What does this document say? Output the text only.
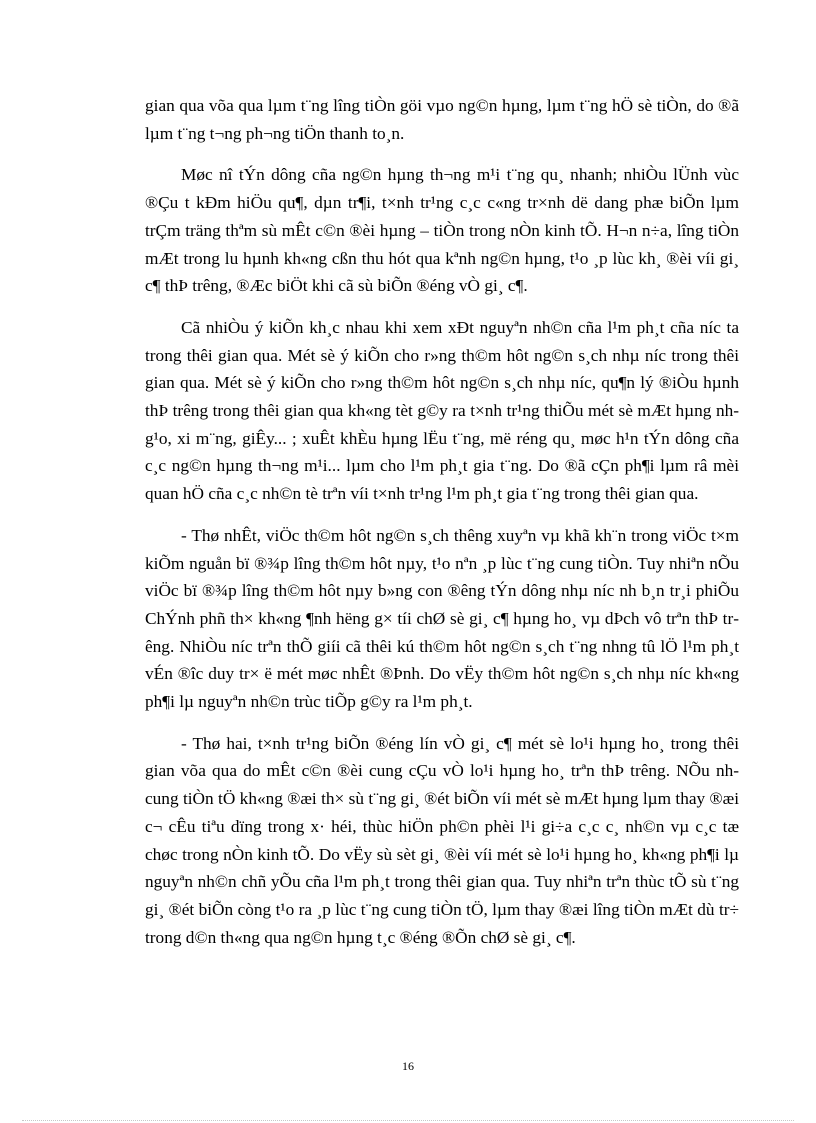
gian qua võa qua lµm t¨ng lîng tiÒn göi vµo ng©n hµng, lµm t¨ng hÖ sè tiÒn, do ®ã lµm t¨ng t¬ng ph¬ng tiÖn thanh to¸n.

Møc nî tÝn dông cña ng©n hµng th¬ng m¹i t¨ng qu¸ nhanh; nhiÒu lÜnh vùc ®Çu t kÐm hiÖu qu¶, dµn tr¶i, t×nh tr¹ng c¸c c«ng tr×nh dë dang phæ biÕn lµm trÇm träng thªm sù mÊt c©n ®èi hµng – tiÒn trong nÒn kinh tÕ. H¬n n÷a, lîng tiÒn mÆt trong lu hµnh kh«ng cßn thu hót qua kªnh ng©n hµng, t¹o ¸p lùc kh¸ ®èi víi gi¸ c¶ thÞ trêng, ®Æc biÖt khi cã sù biÕn ®éng vÒ gi¸ c¶.

Cã nhiÒu ý kiÕn kh¸c nhau khi xem xÐt nguyªn nh©n cña l¹m ph¸t cña níc ta trong thêi gian qua. Mét sè ý kiÕn cho r»ng th©m hôt ng©n s¸ch nhµ níc trong thêi gian qua. Mét sè ý kiÕn cho r»ng th©m hôt ng©n s¸ch nhµ níc, qu¶n lý ®iÒu hµnh thÞ trêng trong thêi gian qua kh«ng tèt g©y ra t×nh tr¹ng thiÕu mét sè mÆt hµng nh g¹o, xi m¨ng, giÊy... ; xuÊt khÈu hµng lËu t¨ng, më réng qu¸ møc h¹n tÝn dông cña c¸c ng©n hµng th¬ng m¹i... lµm cho l¹m ph¸t gia t¨ng. Do ®ã cÇn ph¶i lµm râ mèi quan hÖ cña c¸c nh©n tè trªn víi t×nh tr¹ng l¹m ph¸t gia t¨ng trong thêi gian qua.

- Thø nhÊt, viÖc th©m hôt ng©n s¸ch thêng xuyªn vµ khã kh¨n trong viÖc t×m kiÕm nguån bï ®¾p lîng th©m hôt nµy, t¹o nªn ¸p lùc t¨ng cung tiÒn. Tuy nhiªn nÕu viÖc bï ®¾p lîng th©m hôt nµy b»ng con ®êng tÝn dông nhµ níc nh b¸n tr¸i phiÕu ChÝnh phñ th× kh«ng ¶nh hëng g× tíi chØ sè gi¸ c¶ hµng ho¸ vµ dÞch vô trªn thÞ trêng. NhiÒu níc trªn thÕ giíi cã thêi kú th©m hôt ng©n s¸ch t¨ng nhng tû lÖ l¹m ph¸t vÉn ®îc duy tr× ë mét møc nhÊt ®Þnh. Do vËy th©m hôt ng©n s¸ch nhµ níc kh«ng ph¶i lµ nguyªn nh©n trùc tiÕp g©y ra l¹m ph¸t.

- Thø hai, t×nh tr¹ng biÕn ®éng lín vÒ gi¸ c¶ mét sè lo¹i hµng ho¸ trong thêi gian võa qua do mÊt c©n ®èi cung cÇu vÒ lo¹i hµng ho¸ trªn thÞ trêng. NÕu nh cung tiÒn tÖ kh«ng ®æi th× sù t¨ng gi¸ ®ét biÕn víi mét sè mÆt hµng lµm thay ®æi c¬ cÊu tiªu dïng trong x· héi, thùc hiÖn ph©n phèi l¹i gi÷a c¸c c¸ nh©n vµ c¸c tæ chøc trong nÒn kinh tÕ. Do vËy sù sèt gi¸ ®èi víi mét sè lo¹i hµng ho¸ kh«ng ph¶i lµ nguyªn nh©n chñ yÕu cña l¹m ph¸t trong thêi gian qua. Tuy nhiªn trªn thùc tÕ sù t¨ng gi¸ ®ét biÕn còng t¹o ra ¸p lùc t¨ng cung tiÒn tÖ, lµm thay ®æi lîng tiÒn mÆt dù tr÷ trong d©n th«ng qua ng©n hµng t¸c ®éng ®Õn chØ sè gi¸ c¶.

16
